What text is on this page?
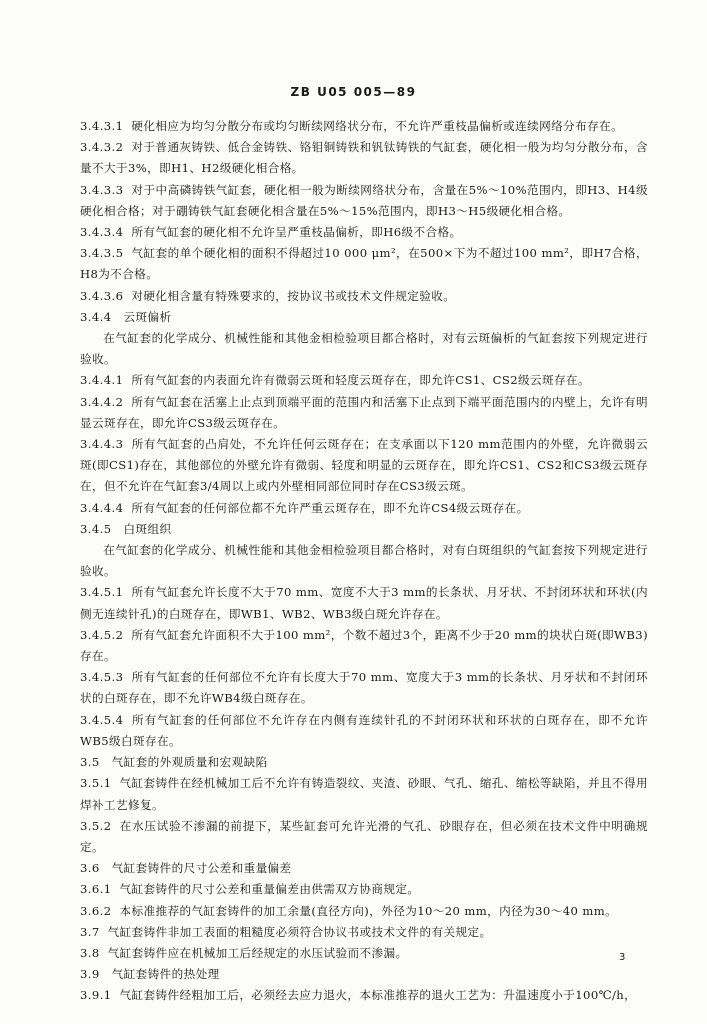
ZB U05 005—89

3.4.3.1 硬化相应为均匀分散分布或均匀断续网络状分布，不允许严重枝晶偏析或连续网络分布存在。

3.4.3.2 对于普通灰铸铁、低合金铸铁、铬钼铜铸铁和钒钛铸铁的气缸套，硬化相一般为均匀分散分布，含量不大于3%，即H1、H2级硬化相合格。

3.4.3.3 对于中高磷铸铁气缸套，硬化相一般为断续网络状分布，含量在5%～10%范围内，即H3、H4级硬化相合格；对于硼铸铁气缸套硬化相含量在5%～15%范围内，即H3～H5级硬化相合格。

3.4.3.4 所有气缸套的硬化相不允许呈严重枝晶偏析，即H6级不合格。

3.4.3.5 气缸套的单个硬化相的面积不得超过10 000 μm²，在500×下为不超过100 mm²，即H7合格，H8为不合格。

3.4.3.6 对硬化相含量有特殊要求的，按协议书或技术文件规定验收。

3.4.4 云斑偏析

在气缸套的化学成分、机械性能和其他金相检验项目都合格时，对有云斑偏析的气缸套按下列规定进行验收。

3.4.4.1 所有气缸套的内表面允许有微弱云斑和轻度云斑存在，即允许CS1、CS2级云斑存在。

3.4.4.2 所有气缸套在活塞上止点到顶端平面的范围内和活塞下止点到下端平面范围内的内壁上，允许有明显云斑存在，即允许CS3级云斑存在。

3.4.4.3 所有气缸套的凸肩处，不允许任何云斑存在；在支承面以下120 mm范围内的外壁，允许微弱云斑(即CS1)存在，其他部位的外壁允许有微弱、轻度和明显的云斑存在，即允许CS1、CS2和CS3级云斑存在，但不允许在气缸套3/4周以上或内外壁相同部位同时存在CS3级云斑。

3.4.4.4 所有气缸套的任何部位都不允许严重云斑存在，即不允许CS4级云斑存在。

3.4.5 白斑组织

在气缸套的化学成分、机械性能和其他金相检验项目都合格时，对有白斑组织的气缸套按下列规定进行验收。

3.4.5.1 所有气缸套允许长度不大于70 mm、宽度不大于3 mm的长条状、月牙状、不封闭环状和环状(内侧无连续针孔)的白斑存在，即WB1、WB2、WB3级白斑允许存在。

3.4.5.2 所有气缸套允许面积不大于100 mm²，个数不超过3个，距离不少于20 mm的块状白斑(即WB3)存在。

3.4.5.3 所有气缸套的任何部位不允许有长度大于70 mm、宽度大于3 mm的长条状、月牙状和不封闭环状的白斑存在，即不允许WB4级白斑存在。

3.4.5.4 所有气缸套的任何部位不允许存在内侧有连续针孔的不封闭环状和环状的白斑存在，即不允许WB5级白斑存在。

3.5 气缸套的外观质量和宏观缺陷

3.5.1 气缸套铸件在经机械加工后不允许有铸造裂纹、夹渣、砂眼、气孔、缩孔、缩松等缺陷，并且不得用焊补工艺修复。

3.5.2 在水压试验不渗漏的前提下，某些缸套可允许光滑的气孔、砂眼存在，但必须在技术文件中明确规定。

3.6 气缸套铸件的尺寸公差和重量偏差

3.6.1 气缸套铸件的尺寸公差和重量偏差由供需双方协商规定。

3.6.2 本标准推荐的气缸套铸件的加工余量(直径方向)，外径为10～20 mm，内径为30～40 mm。

3.7 气缸套铸件非加工表面的粗糙度必须符合协议书或技术文件的有关规定。

3.8 气缸套铸件应在机械加工后经规定的水压试验而不渗漏。

3.9 气缸套铸件的热处理

3.9.1 气缸套铸件经粗加工后，必须经去应力退火，本标准推荐的退火工艺为：升温速度小于100℃/h，

3
